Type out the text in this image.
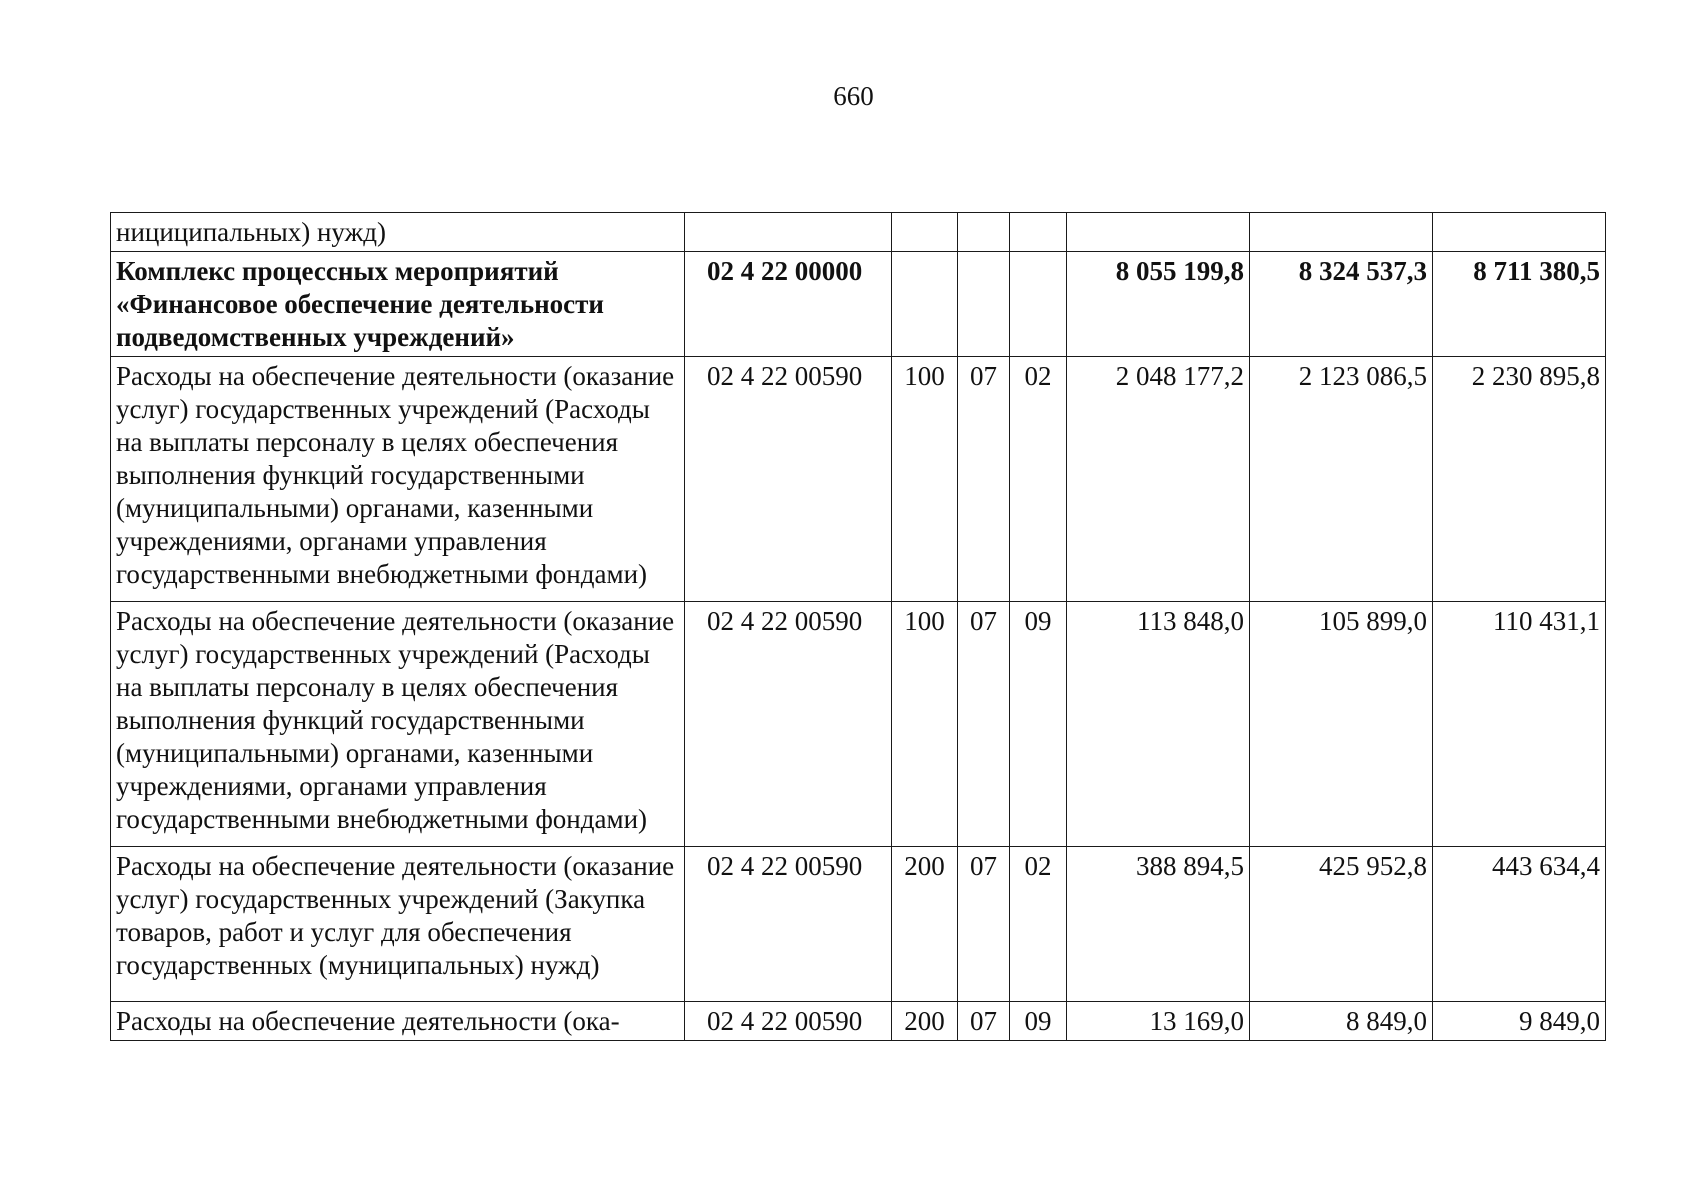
660
нициципальных) нужд)							
Комплекс процессных мероприятий «Финансовое обеспечение деятельности подведомственных учреждений»	02 4 22 00000				8 055 199,8	8 324 537,3	8 711 380,5
Расходы на обеспечение деятельности (оказание услуг) государственных учреждений (Расходы на выплаты персоналу в целях обеспечения выполнения функций государственными (муниципальными) органами, казенными учреждениями, органами управления государственными внебюджетными фондами)	02 4 22 00590	100	07	02	2 048 177,2	2 123 086,5	2 230 895,8
Расходы на обеспечение деятельности (оказание услуг) государственных учреждений (Расходы на выплаты персоналу в целях обеспечения выполнения функций государственными (муниципальными) органами, казенными учреждениями, органами управления государственными внебюджетными фондами)	02 4 22 00590	100	07	09	113 848,0	105 899,0	110 431,1
Расходы на обеспечение деятельности (оказание услуг) государственных учреждений (Закупка товаров, работ и услуг для обеспечения государственных (муниципальных) нужд)	02 4 22 00590	200	07	02	388 894,5	425 952,8	443 634,4
Расходы на обеспечение деятельности (ока-	02 4 22 00590	200	07	09	13 169,0	8 849,0	9 849,0
